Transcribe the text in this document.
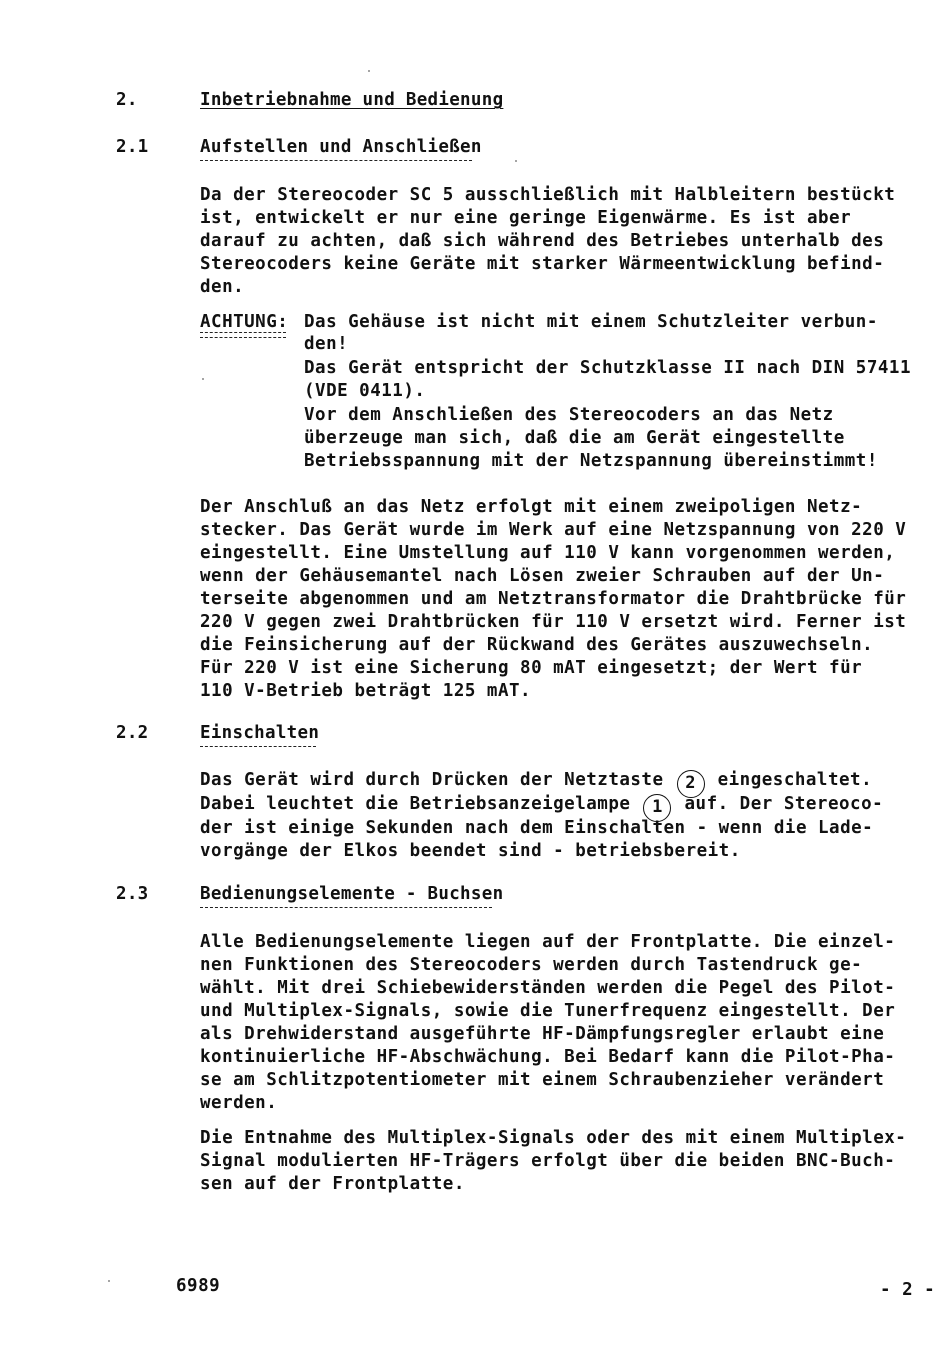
2.	Inbetriebnahme und Bedienung
2.1	Aufstellen und Anschließen
Da der Stereocoder SC 5 ausschließlich mit Halbleitern bestückt
ist, entwickelt er nur eine geringe Eigenwärme. Es ist aber
darauf zu achten, daß sich während des Betriebes unterhalb des
Stereocoders keine Geräte mit starker Wärmeentwicklung befind-
den.
ACHTUNG: Das Gehäuse ist nicht mit einem Schutzleiter verbun-
den!
Das Gerät entspricht der Schutzklasse II nach DIN 57411
(VDE 0411).
Vor dem Anschließen des Stereocoders an das Netz
überzeuge man sich, daß die am Gerät eingestellte
Betriebsspannung mit der Netzspannung übereinstimmt!
Der Anschluß an das Netz erfolgt mit einem zweipoligen Netz-
stecker. Das Gerät wurde im Werk auf eine Netzspannung von 220 V
eingestellt. Eine Umstellung auf 110 V kann vorgenommen werden,
wenn der Gehäusemantel nach Lösen zweier Schrauben auf der Un-
terseite abgenommen und am Netztransformator die Drahtbrücke für
220 V gegen zwei Drahtbrücken für 110 V ersetzt wird. Ferner ist
die Feinsicherung auf der Rückwand des Gerätes auszuwechseln.
Für 220 V ist eine Sicherung 80 mAT eingesetzt; der Wert für
110 V-Betrieb beträgt 125 mAT.
2.2	Einschalten
Das Gerät wird durch Drücken der Netztaste 2 eingeschaltet.
Dabei leuchtet die Betriebsanzeigelampe 1 auf. Der Stereoco-
der ist einige Sekunden nach dem Einschalten - wenn die Lade-
vorgänge der Elkos beendet sind - betriebsbereit.
2.3	Bedienungselemente - Buchsen
Alle Bedienungselemente liegen auf der Frontplatte. Die einzel-
nen Funktionen des Stereocoders werden durch Tastendruck ge-
wählt. Mit drei Schiebewiderständen werden die Pegel des Pilot-
und Multiplex-Signals, sowie die Tunerfrequenz eingestellt. Der
als Drehwiderstand ausgeführte HF-Dämpfungsregler erlaubt eine
kontinuierliche HF-Abschwächung. Bei Bedarf kann die Pilot-Pha-
se am Schlitzpotentiometer mit einem Schraubenzieher verändert
werden.
Die Entnahme des Multiplex-Signals oder des mit einem Multiplex-
Signal modulierten HF-Trägers erfolgt über die beiden BNC-Buch-
sen auf der Frontplatte.
6989	- 2 -
